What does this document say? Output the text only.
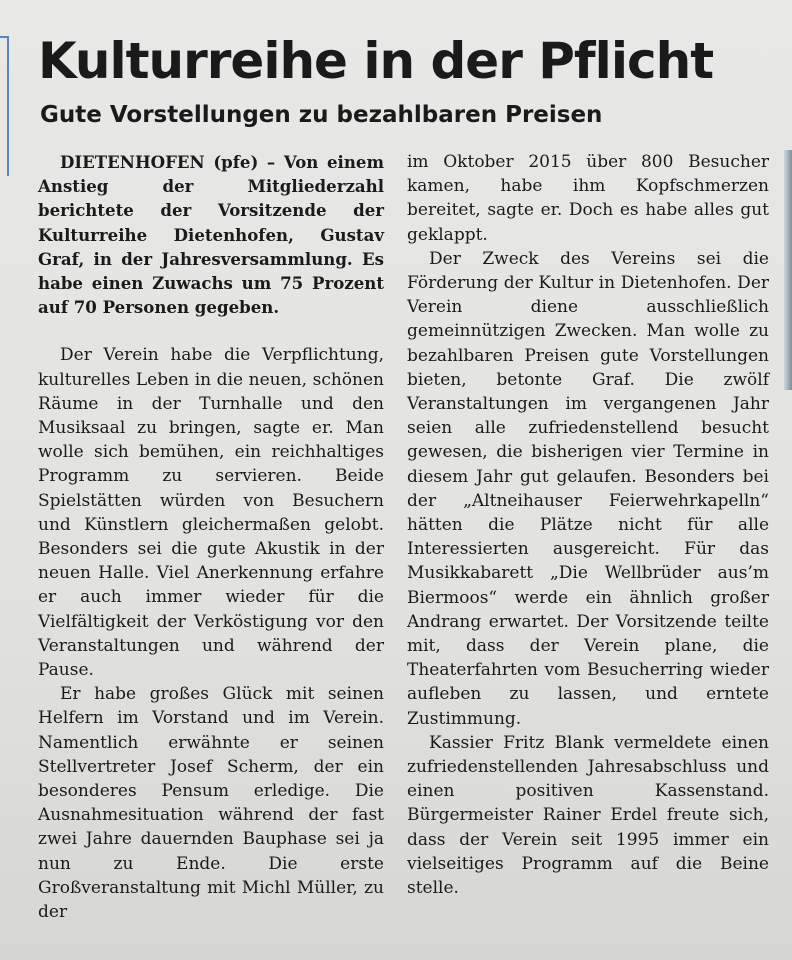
Kulturreihe in der Pflicht
Gute Vorstellungen zu bezahlbaren Preisen

DIETENHOFEN (pfe) – Von einem Anstieg der Mitgliederzahl berichtete der Vorsitzende der Kulturreihe Dietenhofen, Gustav Graf, in der Jahresversammlung. Es habe einen Zuwachs um 75 Prozent auf 70 Personen gegeben.

Der Verein habe die Verpflichtung, kulturelles Leben in die neuen, schönen Räume in der Turnhalle und den Musiksaal zu bringen, sagte er. Man wolle sich bemühen, ein reichhaltiges Programm zu servieren. Beide Spielstätten würden von Besuchern und Künstlern gleichermaßen gelobt. Besonders sei die gute Akustik in der neuen Halle. Viel Anerkennung erfahre er auch immer wieder für die Vielfältigkeit der Verköstigung vor den Veranstaltungen und während der Pause.

Er habe großes Glück mit seinen Helfern im Vorstand und im Verein. Namentlich erwähnte er seinen Stellvertreter Josef Scherm, der ein besonderes Pensum erledige. Die Ausnahmesituation während der fast zwei Jahre dauernden Bauphase sei ja nun zu Ende. Die erste Großveranstaltung mit Michl Müller, zu der

im Oktober 2015 über 800 Besucher kamen, habe ihm Kopfschmerzen bereitet, sagte er. Doch es habe alles gut geklappt.

Der Zweck des Vereins sei die Förderung der Kultur in Dietenhofen. Der Verein diene ausschließlich gemeinnützigen Zwecken. Man wolle zu bezahlbaren Preisen gute Vorstellungen bieten, betonte Graf. Die zwölf Veranstaltungen im vergangenen Jahr seien alle zufriedenstellend besucht gewesen, die bisherigen vier Termine in diesem Jahr gut gelaufen. Besonders bei der „Altneihauser Feierwehrkapelln“ hätten die Plätze nicht für alle Interessierten ausgereicht. Für das Musikkabarett „Die Wellbrüder aus’m Biermoos“ werde ein ähnlich großer Andrang erwartet. Der Vorsitzende teilte mit, dass der Verein plane, die Theaterfahrten vom Besucherring wieder aufleben zu lassen, und erntete Zustimmung.

Kassier Fritz Blank vermeldete einen zufriedenstellenden Jahresabschluss und einen positiven Kassenstand. Bürgermeister Rainer Erdel freute sich, dass der Verein seit 1995 immer ein vielseitiges Programm auf die Beine stelle.
